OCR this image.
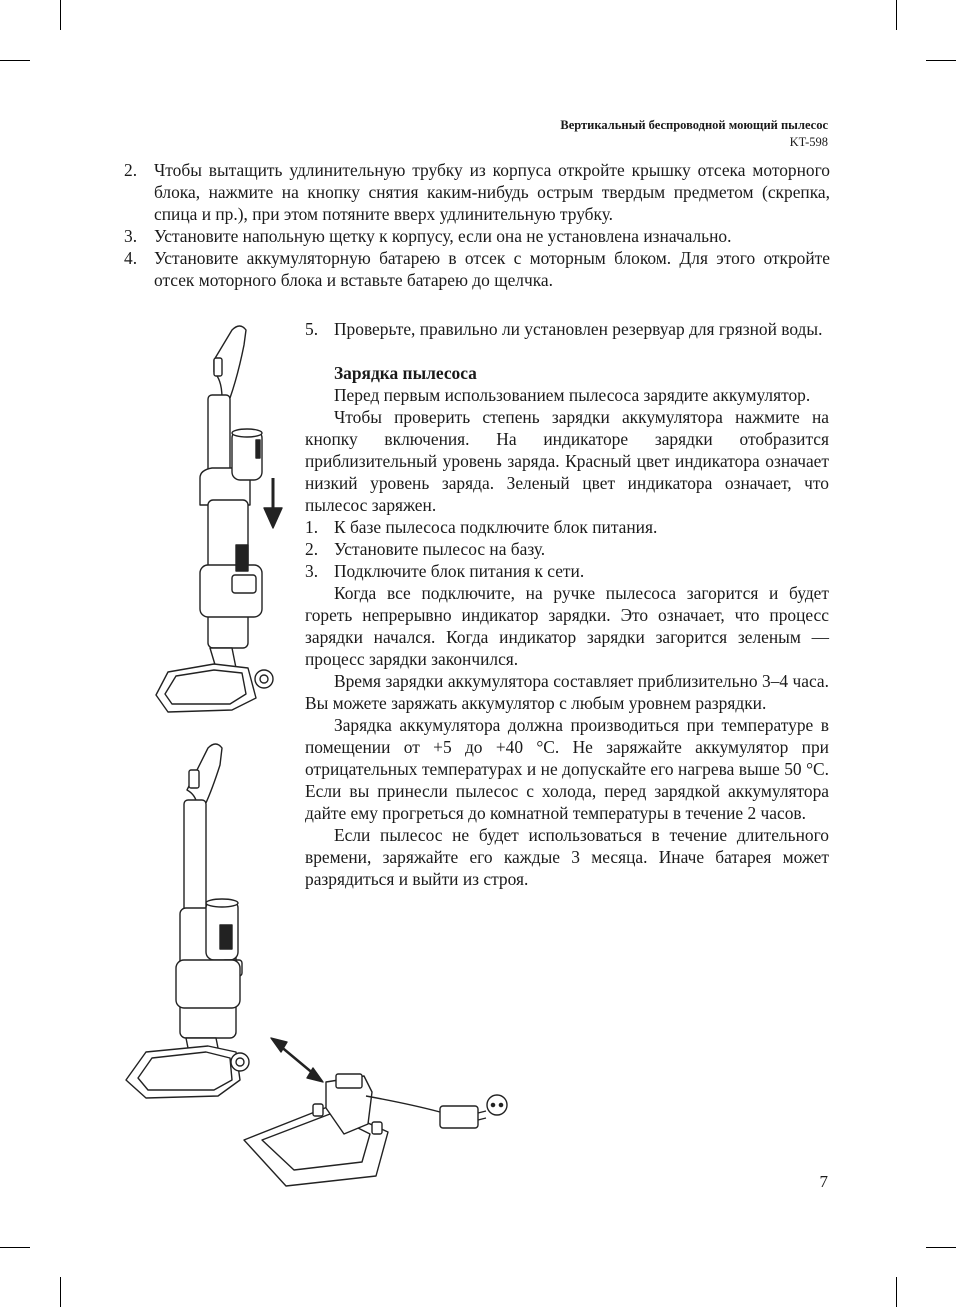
Вертикальный беспроводной моющий пылесос
KT-598
2. Чтобы вытащить удлинительную трубку из корпуса откройте крышку отсека моторного блока, нажмите на кнопку снятия каким-нибудь острым твердым предметом (скрепка, спица и пр.), при этом потяните вверх удлинительную трубку.
3. Установите напольную щетку к корпусу, если она не установлена изначально.
4. Установите аккумуляторную батарею в отсек с моторным блоком. Для этого откройте отсек моторного блока и вставьте батарею до щелчка.
5. Проверьте, правильно ли установлен резервуар для грязной воды.
Зарядка пылесоса

Перед первым использованием пылесоса зарядите аккумулятор.

Чтобы проверить степень зарядки аккумулятора нажмите на кнопку включения. На индикаторе зарядки отобразится приблизительный уровень заряда. Красный цвет индикатора означает низкий уровень заряда. Зеленый цвет индикатора означает, что пылесос заряжен.

1. К базе пылесоса подключите блок питания.
2. Установите пылесос на базу.
3. Подключите блок питания к сети.

Когда все подключите, на ручке пылесоса загорится и будет гореть непрерывно индикатор зарядки. Это означает, что процесс зарядки начался. Когда индикатор зарядки загорится зеленым — процесс зарядки закончился.

Время зарядки аккумулятора составляет приблизительно 3–4 часа. Вы можете заряжать аккумулятор с любым уровнем разрядки.

Зарядка аккумулятора должна производиться при температуре в помещении от +5 до +40 °C. Не заряжайте аккумулятор при отрицательных температурах и не допускайте его нагрева выше 50 °C. Если вы принесли пылесос с холода, перед зарядкой аккумулятора дайте ему прогреться до комнатной температуры в течение 2 часов.

Если пылесос не будет использоваться в течение длительного времени, заряжайте его каждые 3 месяца. Иначе батарея может разрядиться и выйти из строя.

7
